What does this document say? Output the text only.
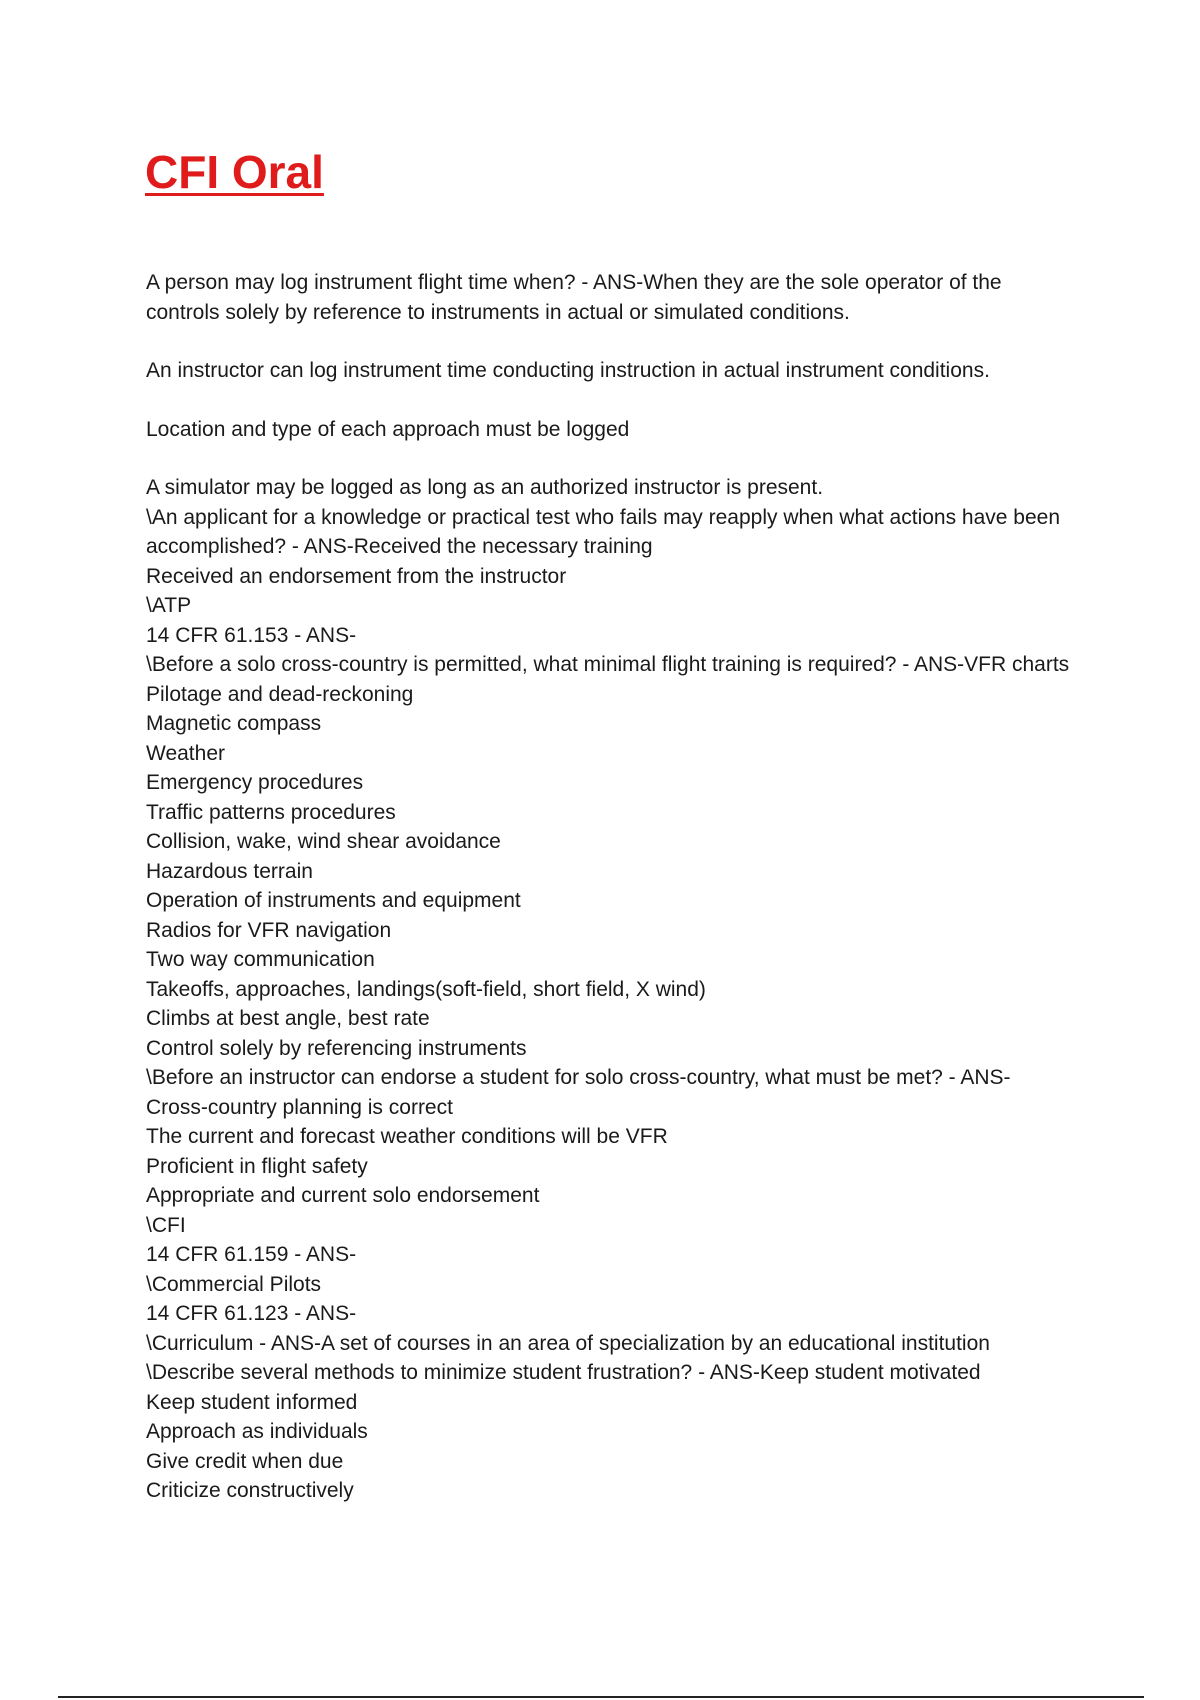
CFI Oral

A person may log instrument flight time when? - ANS-When they are the sole operator of the controls solely by reference to instruments in actual or simulated conditions.

An instructor can log instrument time conducting instruction in actual instrument conditions.

Location and type of each approach must be logged

A simulator may be logged as long as an authorized instructor is present.
\An applicant for a knowledge or practical test who fails may reapply when what actions have been accomplished? - ANS-Received the necessary training
Received an endorsement from the instructor
\ATP
14 CFR 61.153 - ANS-
\Before a solo cross-country is permitted, what minimal flight training is required? - ANS-VFR charts
Pilotage and dead-reckoning
Magnetic compass
Weather
Emergency procedures
Traffic patterns procedures
Collision, wake, wind shear avoidance
Hazardous terrain
Operation of instruments and equipment
Radios for VFR navigation
Two way communication
Takeoffs, approaches, landings(soft-field, short field, X wind)
Climbs at best angle, best rate
Control solely by referencing instruments
\Before an instructor can endorse a student for solo cross-country, what must be met? - ANS-Cross-country planning is correct
The current and forecast weather conditions will be VFR
Proficient in flight safety
Appropriate and current solo endorsement
\CFI
14 CFR 61.159 - ANS-
\Commercial Pilots
14 CFR 61.123 - ANS-
\Curriculum - ANS-A set of courses in an area of specialization by an educational institution
\Describe several methods to minimize student frustration? - ANS-Keep student motivated
Keep student informed
Approach as individuals
Give credit when due
Criticize constructively
